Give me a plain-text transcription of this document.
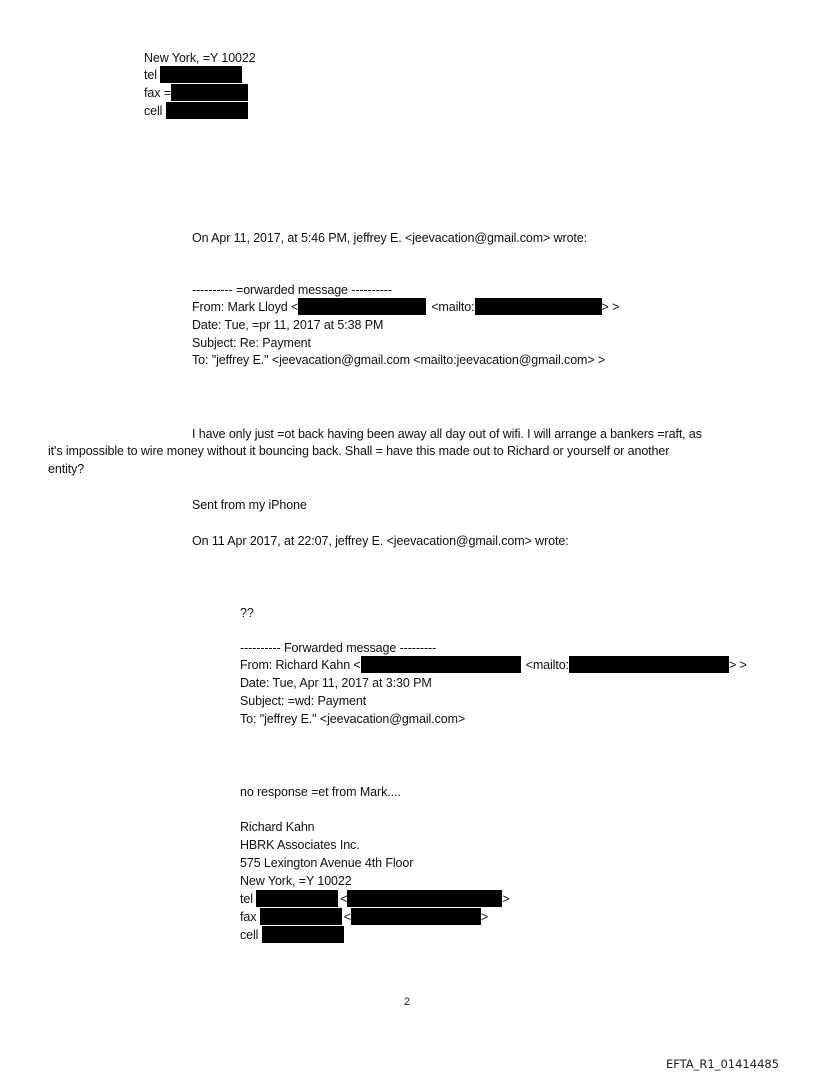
New York, =Y 10022
tel
fax =
cell
On Apr 11, 2017, at 5:46 PM, jeffrey E. <jeevacation@gmail.com> wrote:
---------- =orwarded message ----------
From: Mark Lloyd <	<mailto:	> >
Date: Tue, =pr 11, 2017 at 5:38 PM
Subject: Re: Payment
To: "jeffrey E." <jeevacation@gmail.com <mailto:jeevacation@gmail.com> >
I have only just =ot back having been away all day out of wifi. I will arrange a bankers =raft, as
it's impossible to wire money without it bouncing back. Shall = have this made out to Richard or yourself or another
entity?
Sent from my iPhone
On 11 Apr 2017, at 22:07, jeffrey E. <jeevacation@gmail.com> wrote:
??
---------- Forwarded message ---------
From: Richard Kahn <	<mailto:	> >
Date: Tue, Apr 11, 2017 at 3:30 PM
Subject: =wd: Payment
To: "jeffrey E." <jeevacation@gmail.com>
no response =et from Mark....
Richard Kahn
HBRK Associates Inc.
575 Lexington Avenue 4th Floor
New York, =Y 10022
tel	<	>
fax	<	>
cell
2
EFTA_R1_01414485
